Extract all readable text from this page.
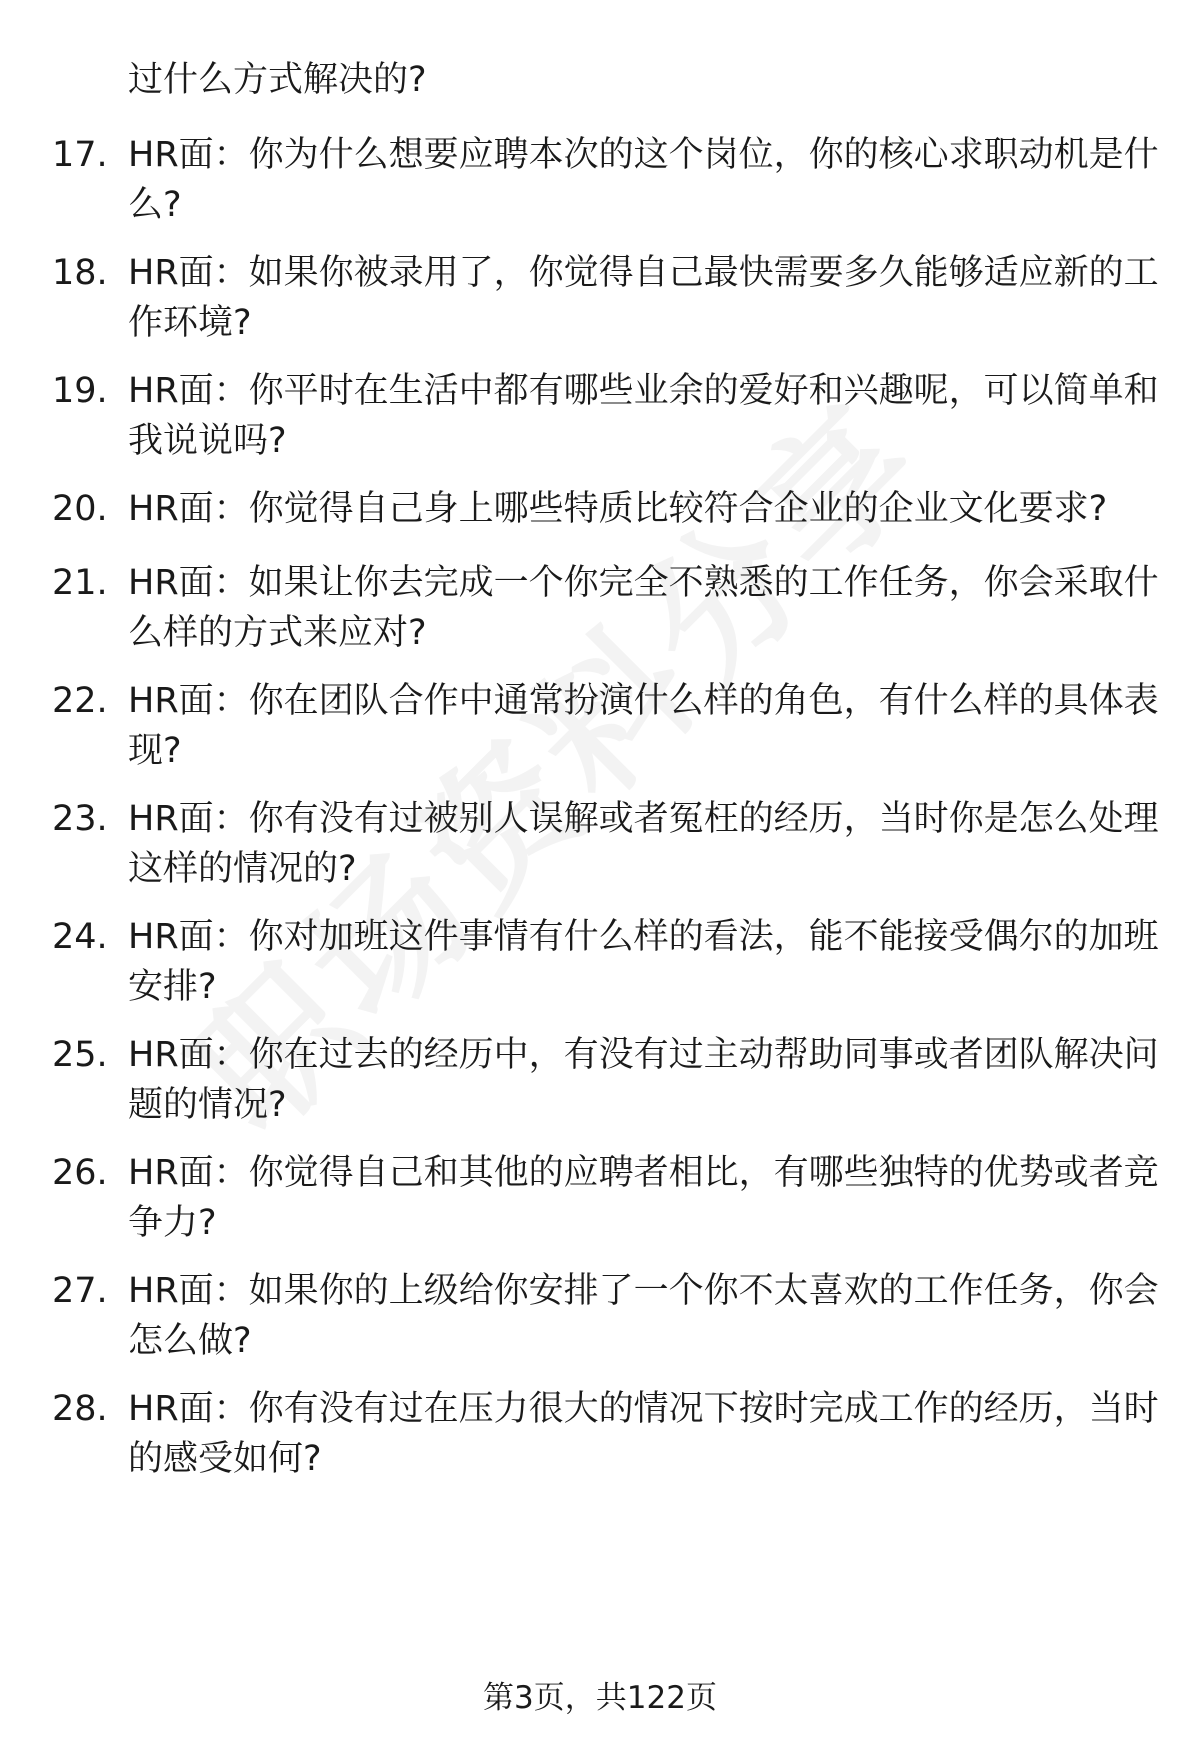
过什么方式解决的?
17. HR面：你为什么想要应聘本次的这个岗位，你的核心求职动机是什么?
18. HR面：如果你被录用了，你觉得自己最快需要多久能够适应新的工作环境?
19. HR面：你平时在生活中都有哪些业余的爱好和兴趣呢，可以简单和我说说吗?
20. HR面：你觉得自己身上哪些特质比较符合企业的企业文化要求?
21. HR面：如果让你去完成一个你完全不熟悉的工作任务，你会采取什么样的方式来应对?
22. HR面：你在团队合作中通常扮演什么样的角色，有什么样的具体表现?
23. HR面：你有没有过被别人误解或者冤枉的经历，当时你是怎么处理这样的情况的?
24. HR面：你对加班这件事情有什么样的看法，能不能接受偶尔的加班安排?
25. HR面：你在过去的经历中，有没有过主动帮助同事或者团队解决问题的情况?
26. HR面：你觉得自己和其他的应聘者相比，有哪些独特的优势或者竞争力?
27. HR面：如果你的上级给你安排了一个你不太喜欢的工作任务，你会怎么做?
28. HR面：你有没有过在压力很大的情况下按时完成工作的经历，当时的感受如何?
第3页，共122页
